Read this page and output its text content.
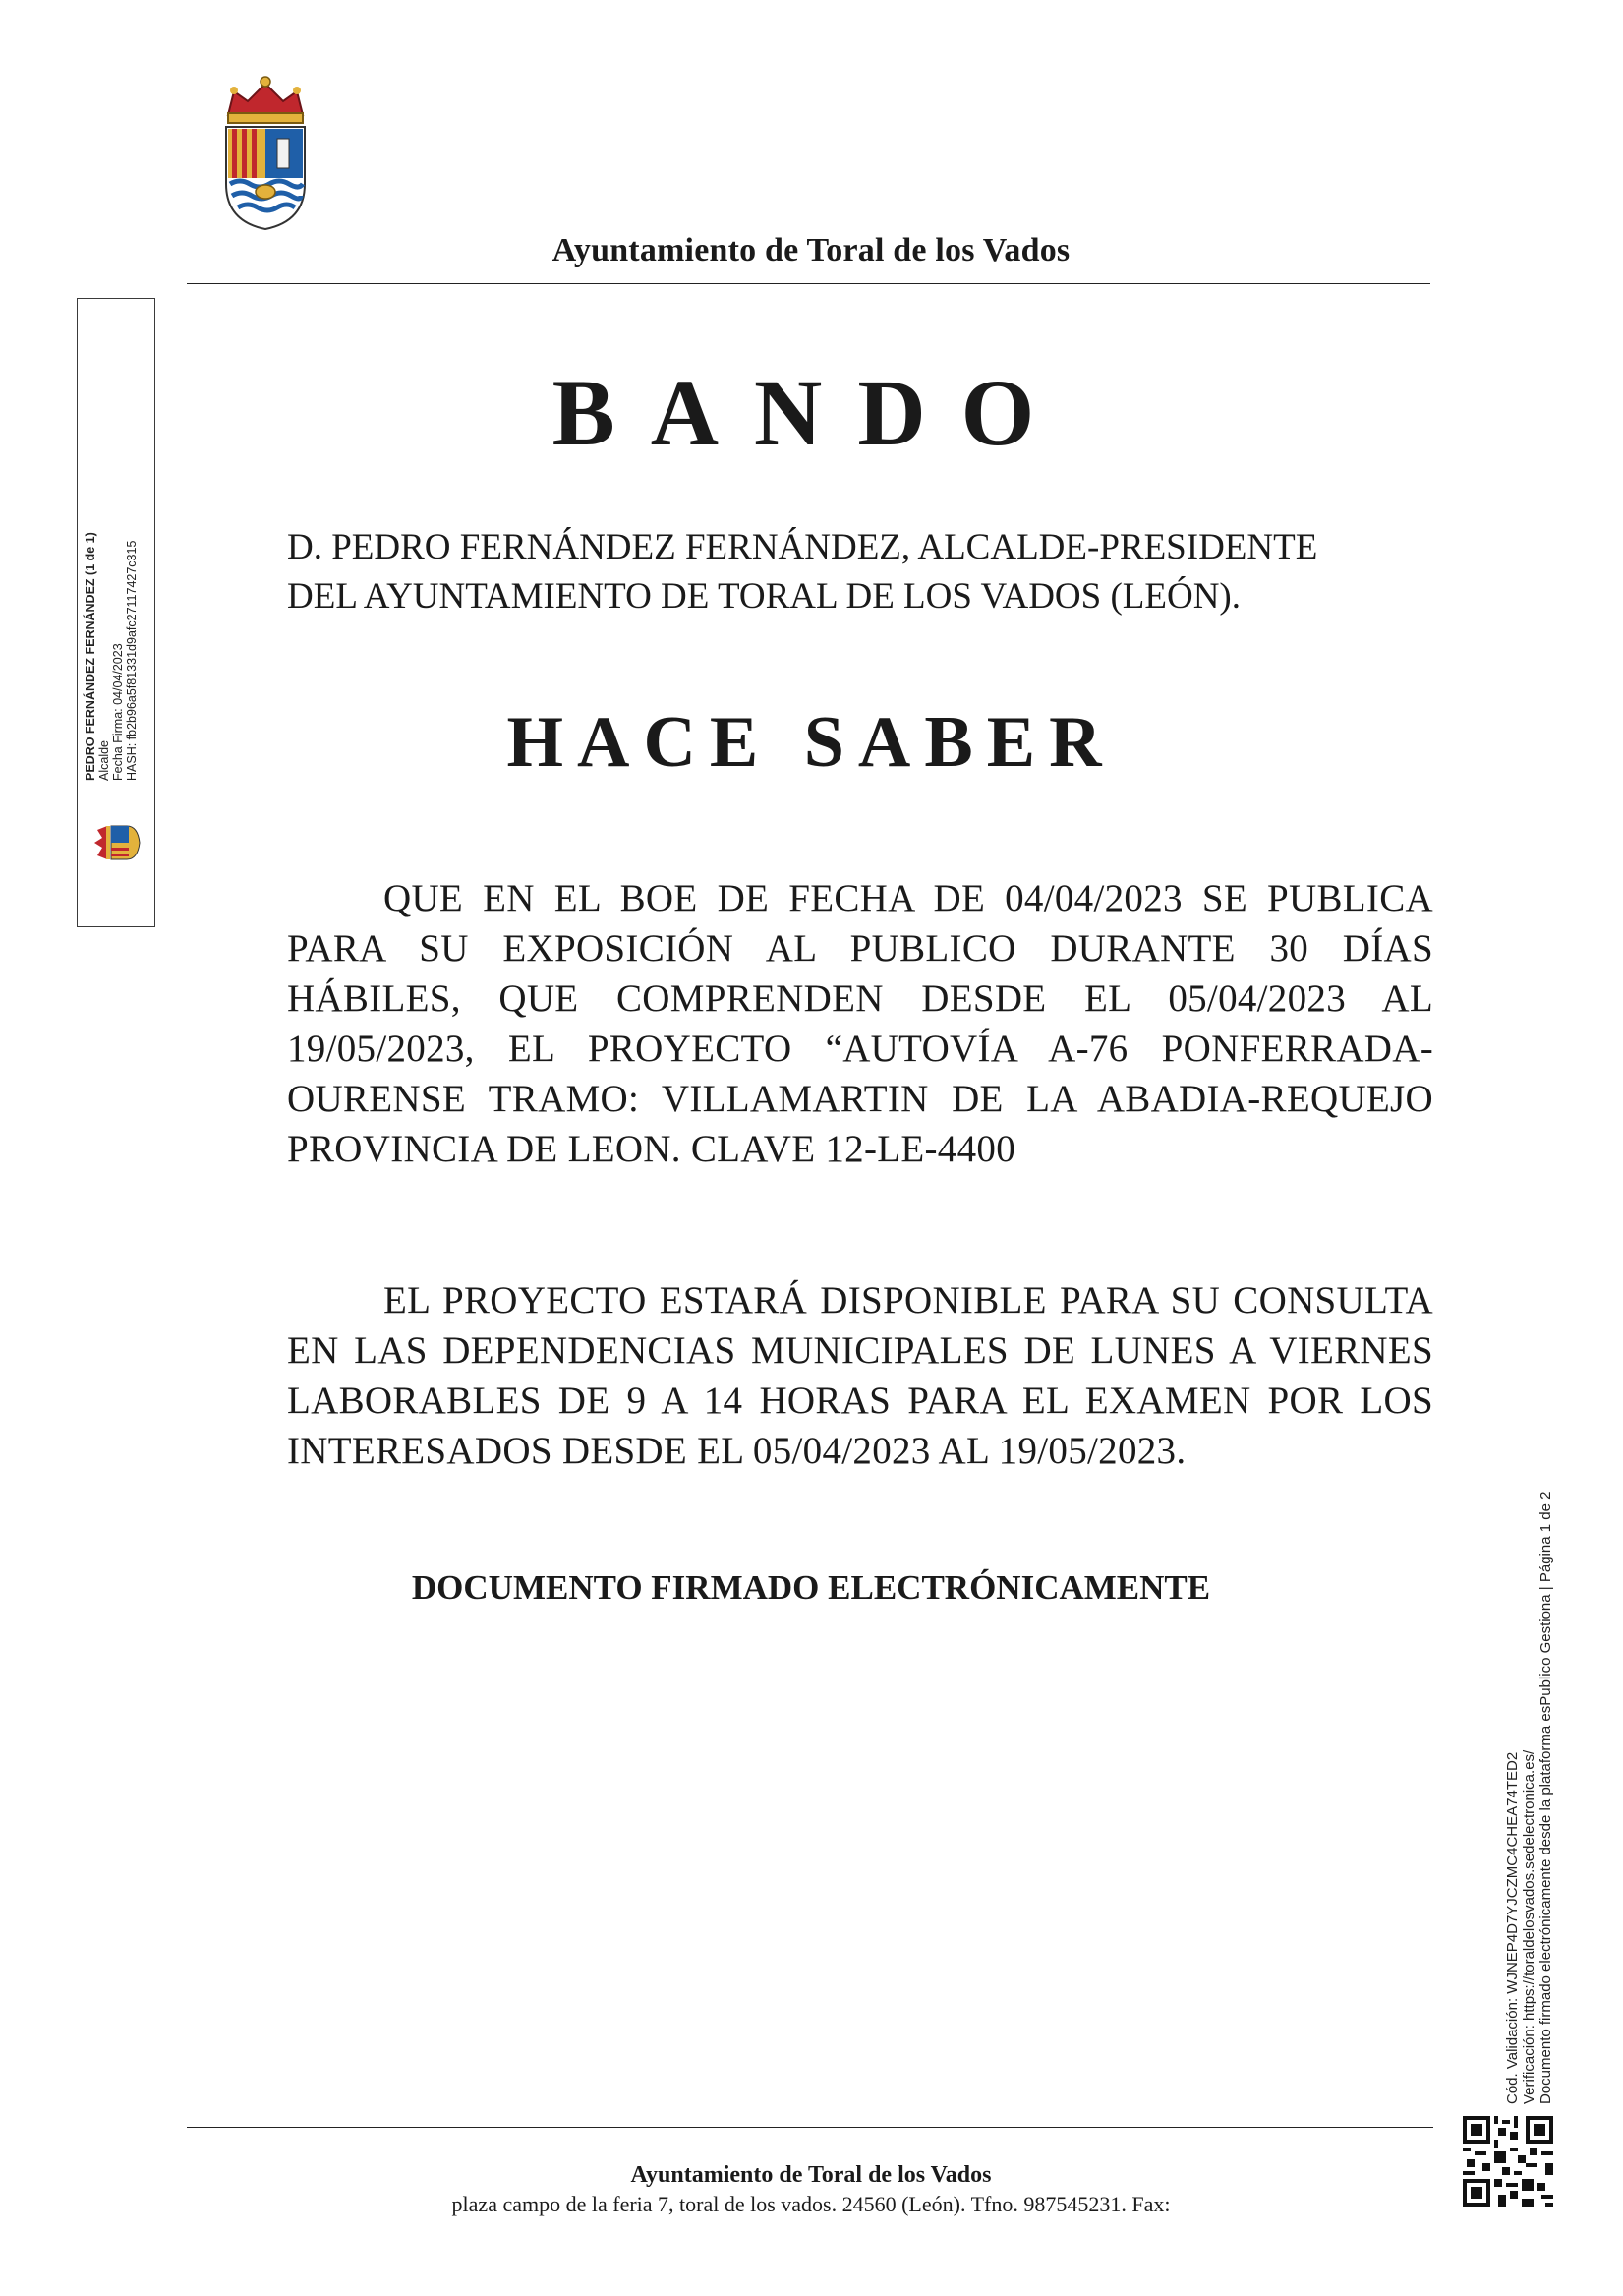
Ayuntamiento de Toral de los Vados
PEDRO FERNÁNDEZ FERNÁNDEZ (1 de 1) Alcalde Fecha Firma: 04/04/2023 HASH: fb2b96a5f81331d9afc27117427c315
BANDO
D. PEDRO FERNÁNDEZ FERNÁNDEZ, ALCALDE-PRESIDENTE
DEL AYUNTAMIENTO DE TORAL DE LOS VADOS (LEÓN).
HACE SABER
QUE EN EL BOE DE FECHA DE 04/04/2023 SE PUBLICA PARA SU EXPOSICIÓN AL PUBLICO DURANTE 30 DÍAS HÁBILES, QUE COMPRENDEN DESDE EL 05/04/2023 AL 19/05/2023, EL PROYECTO “AUTOVÍA A-76 PONFERRADA- OURENSE TRAMO: VILLAMARTIN DE LA ABADIA-REQUEJO PROVINCIA DE LEON. CLAVE 12-LE-4400
EL PROYECTO ESTARÁ DISPONIBLE PARA SU CONSULTA EN LAS DEPENDENCIAS MUNICIPALES DE LUNES A VIERNES LABORABLES DE 9 A 14 HORAS PARA EL EXAMEN POR LOS INTERESADOS DESDE EL 05/04/2023 AL 19/05/2023.
DOCUMENTO FIRMADO ELECTRÓNICAMENTE
Cód. Validación: WJNEP4D7YJCZMC4CHEA74TED2 Verificación: https://toraldelosvados.sedelectronica.es/ Documento firmado electrónicamente desde la plataforma esPublico Gestiona | Página 1 de 2
Ayuntamiento de Toral de los Vados
plaza campo de la feria 7, toral de los vados. 24560 (León). Tfno. 987545231. Fax:
